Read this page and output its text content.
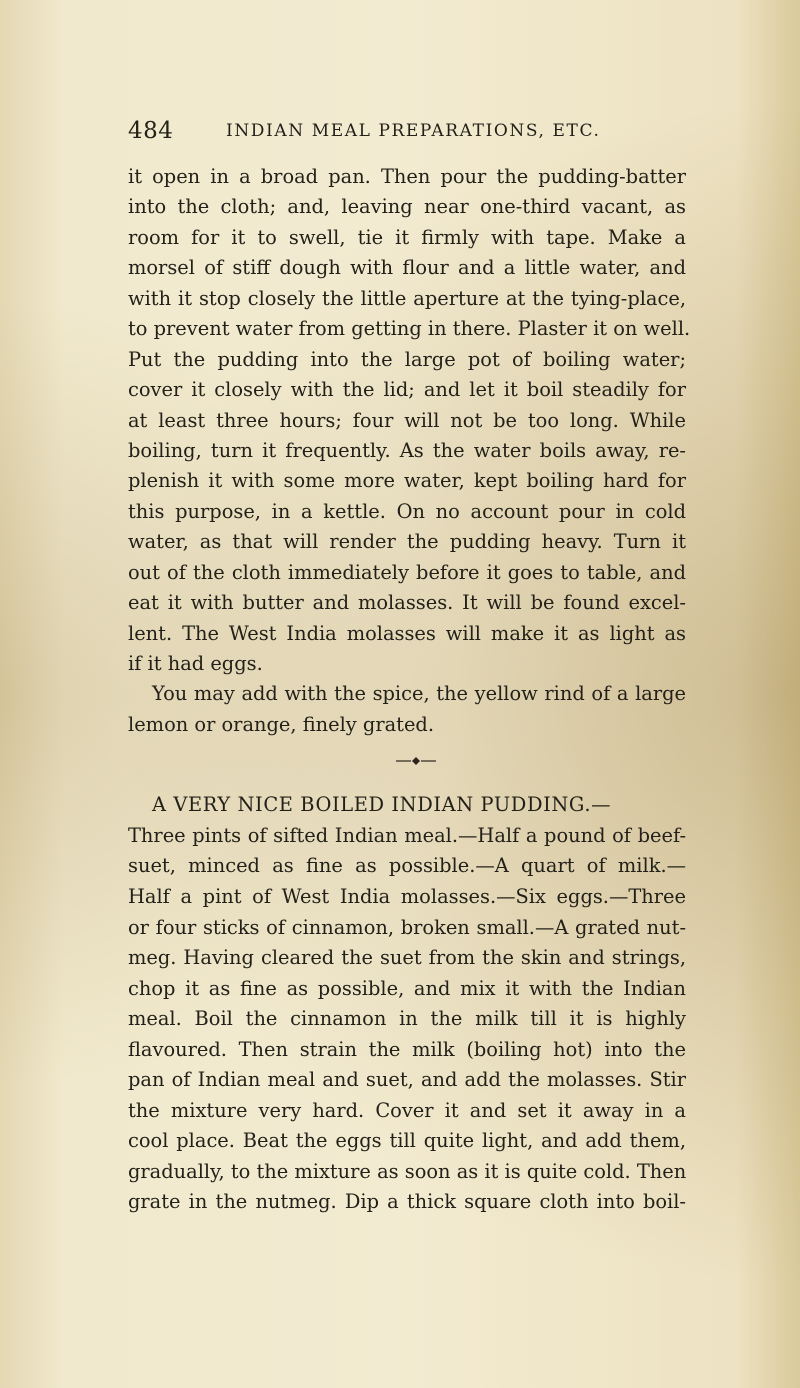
484	INDIAN MEAL PREPARATIONS, ETC.
it open in a broad pan. Then pour the pudding-batter
into the cloth; and, leaving near one-third vacant, as
room for it to swell, tie it firmly with tape. Make a
morsel of stiff dough with flour and a little water, and
with it stop closely the little aperture at the tying-place,
to prevent water from getting in there. Plaster it on well.
Put the pudding into the large pot of boiling water;
cover it closely with the lid; and let it boil steadily for
at least three hours; four will not be too long. While
boiling, turn it frequently. As the water boils away, re-
plenish it with some more water, kept boiling hard for
this purpose, in a kettle. On no account pour in cold
water, as that will render the pudding heavy. Turn it
out of the cloth immediately before it goes to table, and
eat it with butter and molasses. It will be found excel-
lent. The West India molasses will make it as light as
if it had eggs.
You may add with the spice, the yellow rind of a large
lemon or orange, finely grated.
A VERY NICE BOILED INDIAN PUDDING.—
Three pints of sifted Indian meal.—Half a pound of beef-
suet, minced as fine as possible.—A quart of milk.—
Half a pint of West India molasses.—Six eggs.—Three
or four sticks of cinnamon, broken small.—A grated nut-
meg. Having cleared the suet from the skin and strings,
chop it as fine as possible, and mix it with the Indian
meal. Boil the cinnamon in the milk till it is highly
flavoured. Then strain the milk (boiling hot) into the
pan of Indian meal and suet, and add the molasses. Stir
the mixture very hard. Cover it and set it away in a
cool place. Beat the eggs till quite light, and add them,
gradually, to the mixture as soon as it is quite cold. Then
grate in the nutmeg. Dip a thick square cloth into boil-
